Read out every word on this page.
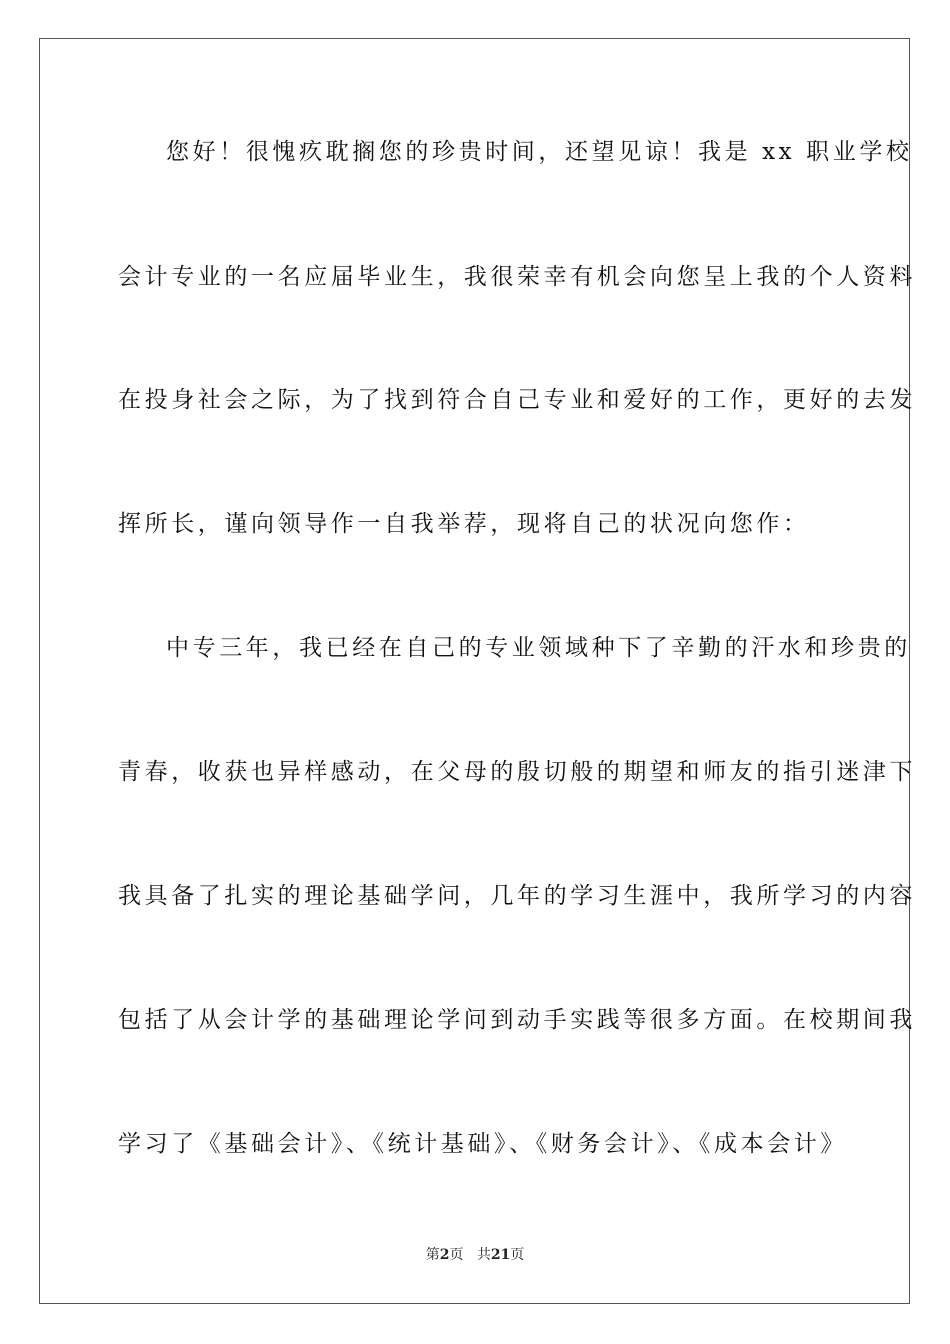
您好！很愧疚耽搁您的珍贵时间，还望见谅！我是 xx 职业学校
会计专业的一名应届毕业生，我很荣幸有机会向您呈上我的个人资料
在投身社会之际，为了找到符合自己专业和爱好的工作，更好的去发
挥所长，谨向领导作一自我举荐，现将自己的状况向您作：
中专三年，我已经在自己的专业领域种下了辛勤的汗水和珍贵的
青春，收获也异样感动，在父母的殷切般的期望和师友的指引迷津下
我具备了扎实的理论基础学问，几年的学习生涯中，我所学习的内容
包括了从会计学的基础理论学问到动手实践等很多方面。在校期间我
学习了《基础会计》、《统计基础》、《财务会计》、《成本会计》
第2页 共21页
